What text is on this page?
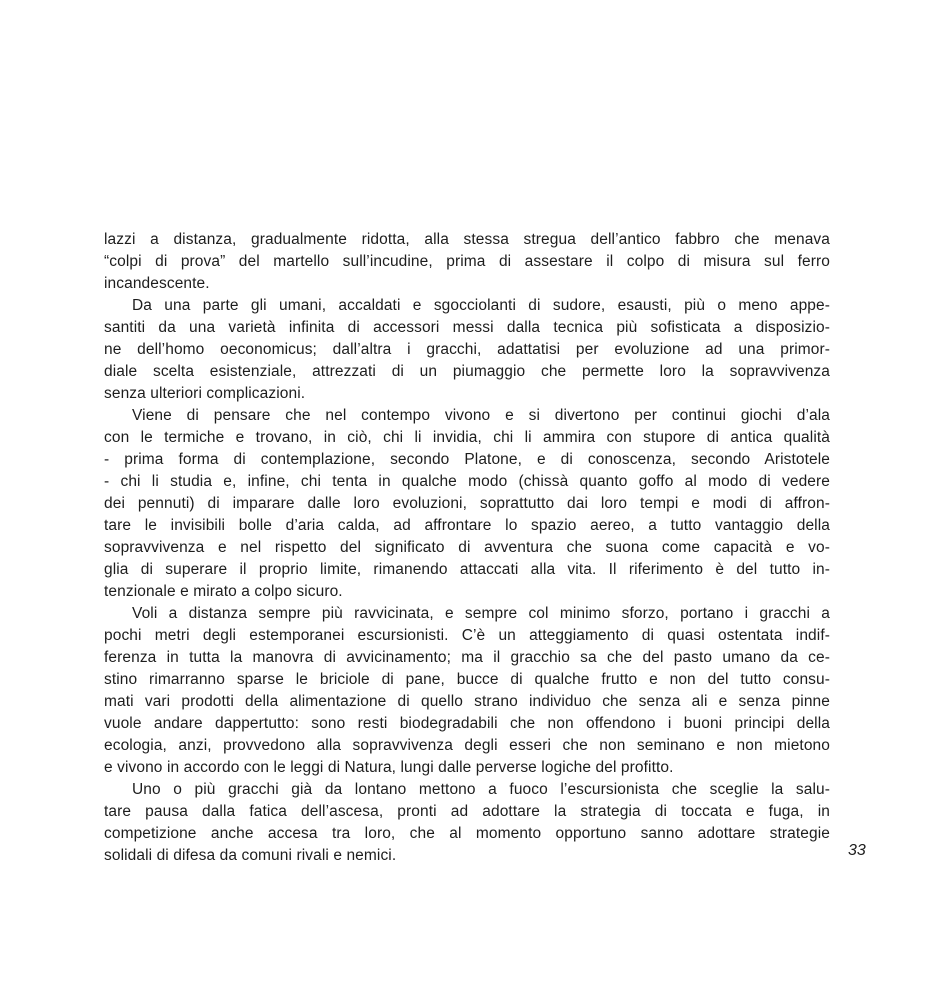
lazzi a distanza, gradualmente ridotta, alla stessa stregua dell’antico fabbro che menava
“colpi di prova” del martello sull’incudine, prima di assestare il colpo di misura sul ferro
incandescente.
Da una parte gli umani, accaldati e sgocciolanti di sudore, esausti, più o meno appe-
santiti da una varietà infinita di accessori messi dalla tecnica più sofisticata a disposizio-
ne dell’homo oeconomicus; dall’altra i gracchi, adattatisi per evoluzione ad una primor-
diale scelta esistenziale, attrezzati di un piumaggio che permette loro la sopravvivenza
senza ulteriori complicazioni.
Viene di pensare che nel contempo vivono e si divertono per continui giochi d’ala
con le termiche e trovano, in ciò, chi li invidia, chi li ammira con stupore di antica qualità
- prima forma di contemplazione, secondo Platone, e di conoscenza, secondo Aristotele
- chi li studia e, infine, chi tenta in qualche modo (chissà quanto goffo al modo di vedere
dei pennuti) di imparare dalle loro evoluzioni, soprattutto dai loro tempi e modi di affron-
tare le invisibili bolle d’aria calda, ad affrontare lo spazio aereo, a tutto vantaggio della
sopravvivenza e nel rispetto del significato di avventura che suona come capacità e vo-
glia di superare il proprio limite, rimanendo attaccati alla vita. Il riferimento è del tutto in-
tenzionale e mirato a colpo sicuro.
Voli a distanza sempre più ravvicinata, e sempre col minimo sforzo, portano i gracchi a
pochi metri degli estemporanei escursionisti. C’è un atteggiamento di quasi ostentata indif-
ferenza in tutta la manovra di avvicinamento; ma il gracchio sa che del pasto umano da ce-
stino rimarranno sparse le briciole di pane, bucce di qualche frutto e non del tutto consu-
mati vari prodotti della alimentazione di quello strano individuo che senza ali e senza pinne
vuole andare dappertutto: sono resti biodegradabili che non offendono i buoni principi della
ecologia, anzi, provvedono alla sopravvivenza degli esseri che non seminano e non mietono
e vivono in accordo con le leggi di Natura, lungi dalle perverse logiche del profitto.
Uno o più gracchi già da lontano mettono a fuoco l’escursionista che sceglie la salu-
tare pausa dalla fatica dell’ascesa, pronti ad adottare la strategia di toccata e fuga, in
competizione anche accesa tra loro, che al momento opportuno sanno adottare strategie
solidali di difesa da comuni rivali e nemici.	33
